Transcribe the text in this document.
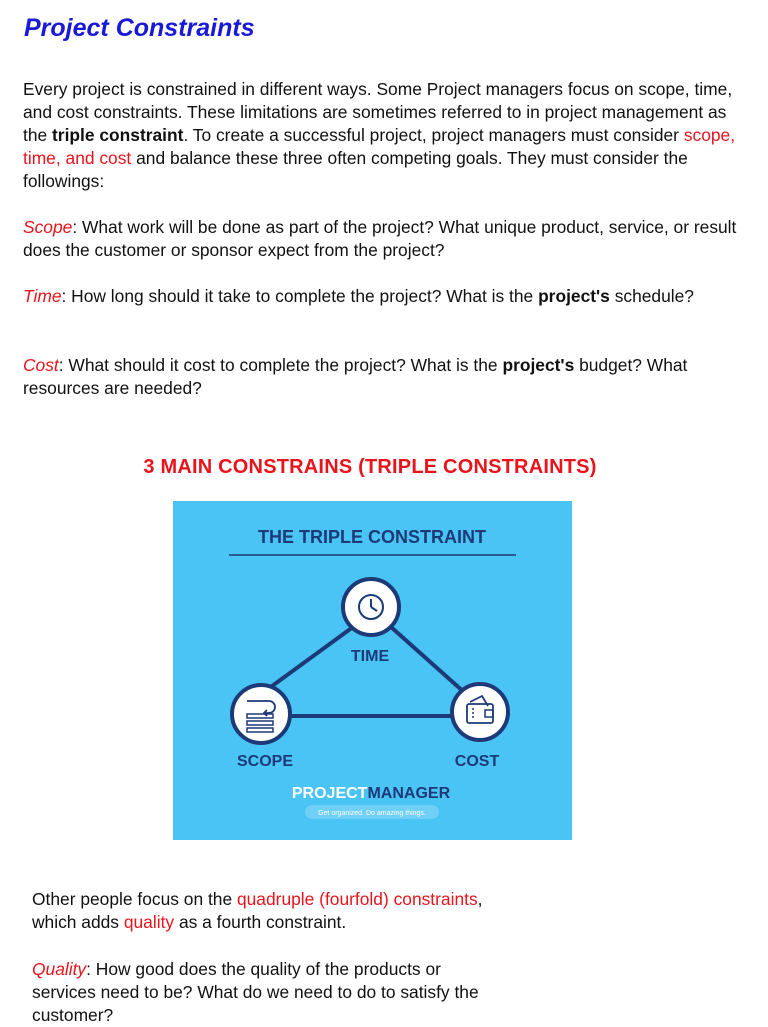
Project Constraints

Every project is constrained in different ways. Some Project managers focus on scope, time, and cost constraints. These limitations are sometimes referred to in project management as the triple constraint. To create a successful project, project managers must consider scope, time, and cost and balance these three often competing goals. They must consider the followings:

Scope: What work will be done as part of the project? What unique product, service, or result does the customer or sponsor expect from the project?

Time: How long should it take to complete the project? What is the project's schedule?

Cost: What should it cost to complete the project? What is the project's budget? What resources are needed?

3 MAIN CONSTRAINS (TRIPLE CONSTRAINTS)
THE TRIPLE CONSTRAINT
TIME
SCOPE	COST
PROJECTMANAGER
Get organized. Do amazing things.

Other people focus on the quadruple (fourfold) constraints, which adds quality as a fourth constraint.

Quality: How good does the quality of the products or services need to be? What do we need to do to satisfy the customer?
